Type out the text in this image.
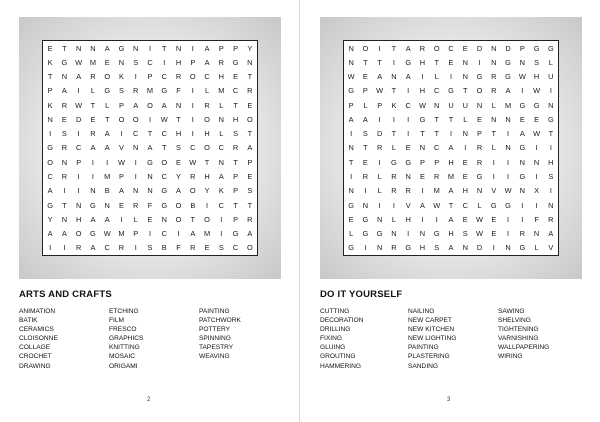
E	T	N	N	A	G	N	I	T	N	I	A	P	P	Y
K	G	W	M	E	N	S	C	I	H	P	A	R	G	N
T	N	A	R	O	K	I	P	C	R	O	C	H	E	T
P	A	I	L	G	S	R	M	G	F	I	L	M	C	R
K	R	W	T	L	P	A	O	A	N	I	R	L	T	E
N	E	D	E	T	O	O	I	W	T	I	O	N	H	O
I	S	I	R	A	I	C	T	C	H	I	H	L	S	T
G	R	C	A	A	V	N	A	T	S	C	O	C	R	A
O	N	P	I	I	W	I	G	O	E	W	T	N	T	P
C	R	I	I	M	P	I	N	C	Y	R	H	A	P	E
A	I	I	N	B	A	N	N	G	A	O	Y	K	P	S
G	T	N	G	N	E	R	F	G	O	B	I	C	T	T
Y	N	H	A	A	I	L	E	N	O	T	O	I	P	R
A	A	O	G	W	M	P	I	C	I	A	M	I	G	A
I	I	R	A	C	R	I	S	B	F	R	E	S	C	O
ARTS AND CRAFTS
ANIMATION
BATIK
CERAMICS
CLOISONNE
COLLAGE
CROCHET
DRAWING
ETCHING
FILM
FRESCO
GRAPHICS
KNITTING
MOSAIC
ORIGAMI
PAINTING
PATCHWORK
POTTERY
SPINNING
TAPESTRY
WEAVING
2
N	O	I	T	A	R	O	C	E	D	N	D	P	G	G
N	T	T	I	G	H	T	E	N	I	N	G	N	S	L
W	E	A	N	A	I	L	I	N	G	R	G	W	H	U
G	P	W	T	I	H	C	G	T	O	R	A	I	W	I
P	L	P	K	C	W	N	U	U	N	L	M	G	G	N
A	A	I	I	I	G	T	T	L	E	N	N	E	E	G
I	S	D	T	I	T	T	I	N	P	T	I	A	W	T
N	T	R	L	E	N	C	A	I	R	L	N	G	I	I
T	E	I	G	G	P	P	H	E	R	I	I	N	N	H
I	R	L	R	N	E	R	M	E	G	I	I	G	I	S
N	I	L	R	R	I	M	A	H	N	V	W	N	X	I
G	N	I	I	V	A	W	T	C	L	G	G	I	I	N
E	G	N	L	H	I	I	A	E	W	E	I	I	F	R
L	G	G	N	I	N	G	H	S	W	E	I	R	N	A
G	I	N	R	G	H	S	A	N	D	I	N	G	L	V
DO IT YOURSELF
CUTTING
DECORATION
DRILLING
FIXING
GLUING
GROUTING
HAMMERING
NAILING
NEW CARPET
NEW KITCHEN
NEW LIGHTING
PAINTING
PLASTERING
SANDING
SAWING
SHELVING
TIGHTENING
VARNISHING
WALLPAPERING
WIRING
3
